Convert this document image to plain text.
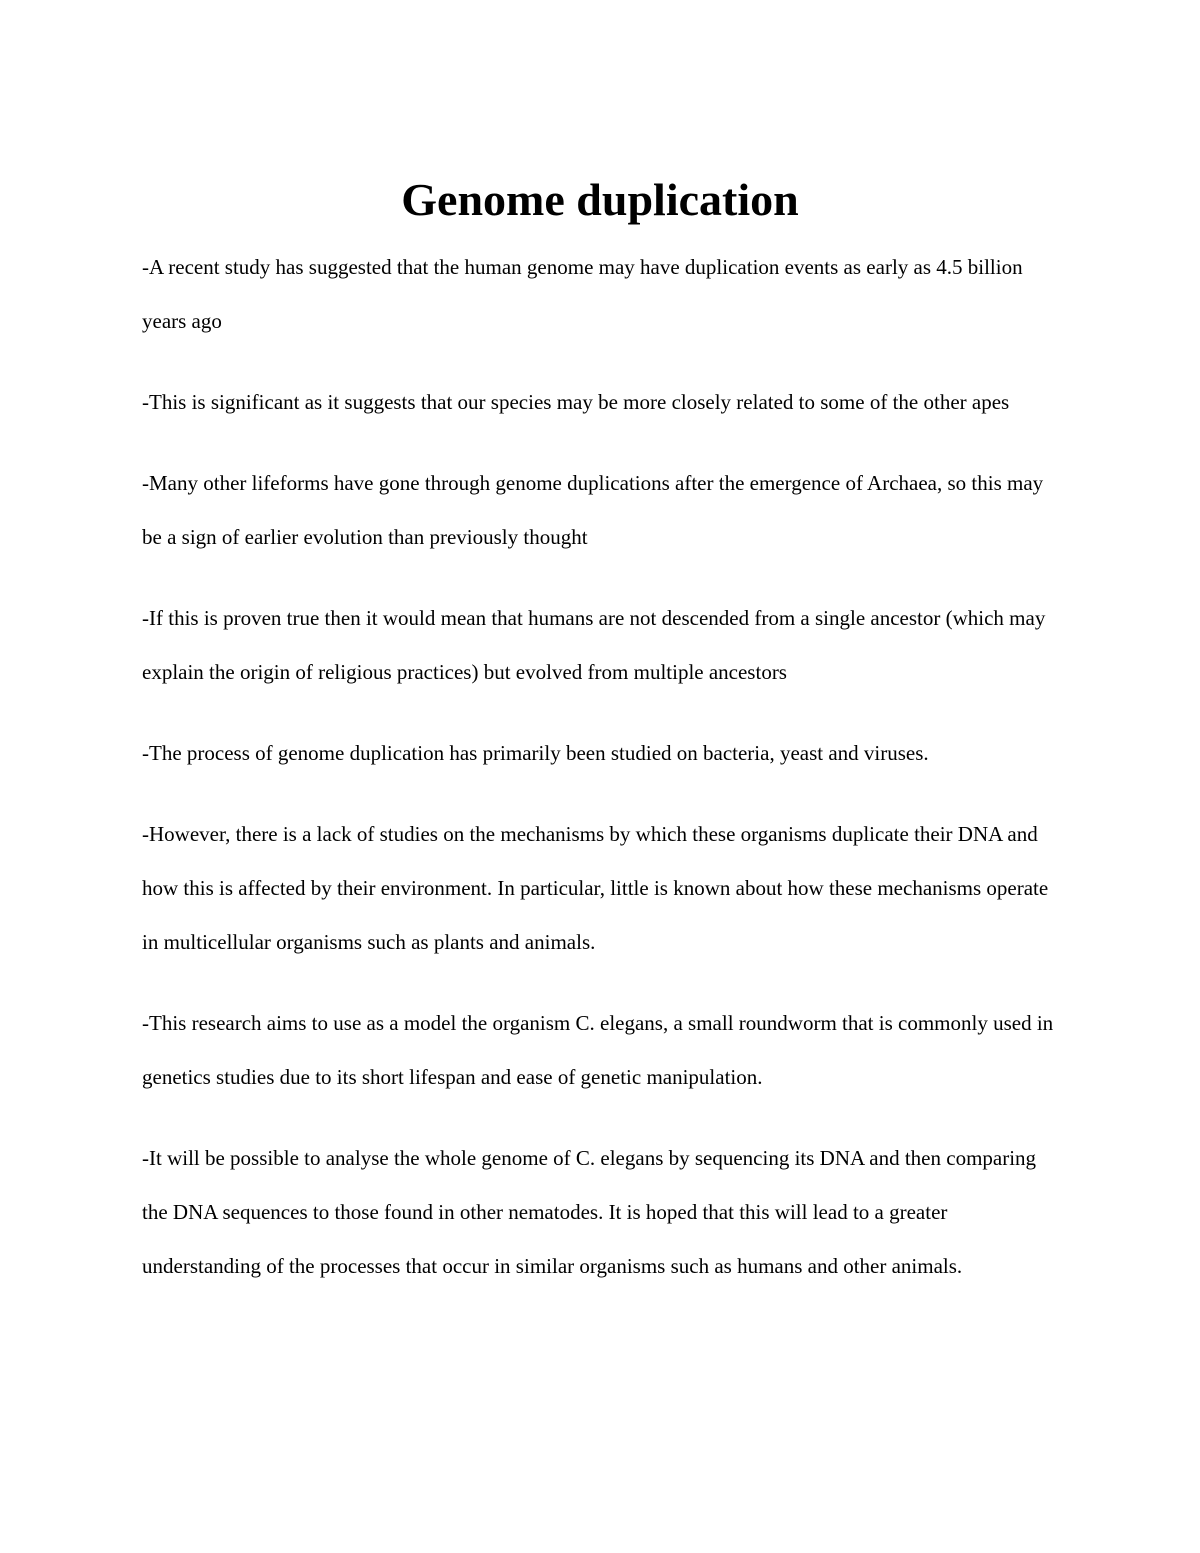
Genome duplication

-A recent study has suggested that the human genome may have duplication events as early as 4.5 billion years ago

-This is significant as it suggests that our species may be more closely related to some of the other apes

-Many other lifeforms have gone through genome duplications after the emergence of Archaea, so this may be a sign of earlier evolution than previously thought

-If this is proven true then it would mean that humans are not descended from a single ancestor (which may explain the origin of religious practices) but evolved from multiple ancestors

-The process of genome duplication has primarily been studied on bacteria, yeast and viruses.

-However, there is a lack of studies on the mechanisms by which these organisms duplicate their DNA and how this is affected by their environment. In particular, little is known about how these mechanisms operate in multicellular organisms such as plants and animals.

-This research aims to use as a model the organism C. elegans, a small roundworm that is commonly used in genetics studies due to its short lifespan and ease of genetic manipulation.

-It will be possible to analyse the whole genome of C. elegans by sequencing its DNA and then comparing the DNA sequences to those found in other nematodes. It is hoped that this will lead to a greater understanding of the processes that occur in similar organisms such as humans and other animals.
